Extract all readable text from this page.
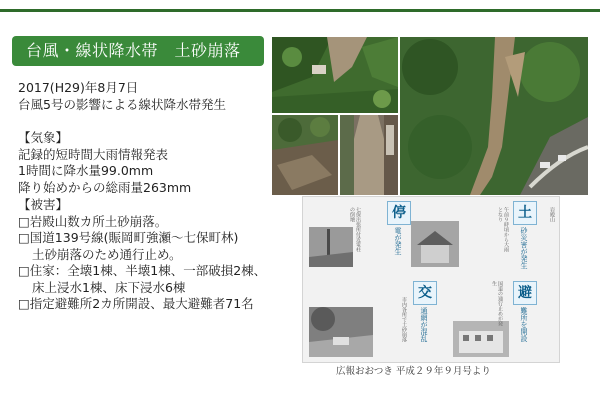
台風・線状降水帯　土砂崩落
2017(H29)年8月7日
台風5号の影響による線状降水帯発生
【気象】
記録的短時間大雨情報発表
1時間に降水量99.0mm
降り始めからの総雨量263mm
【被害】
□岩殿山数カ所土砂崩落。
□国道139号線(賑岡町強瀬～七保町林)
土砂崩落のため通行止め。
□住家：全壊1棟、半壊1棟、一部破損2棟、
床上浸水1棟、床下浸水6棟
□指定避難所2カ所開設、最大避難者71名
七保出張所付近電柱の倒壊	停
電が発生
土
砂災害が発生
午前９時頃から大雨となり	岩殿山
交
通網が混乱
避
難所を開設
市内各所で土砂崩落	国道の通行止めが発生
広報おおつき 平成２９年９月号より
